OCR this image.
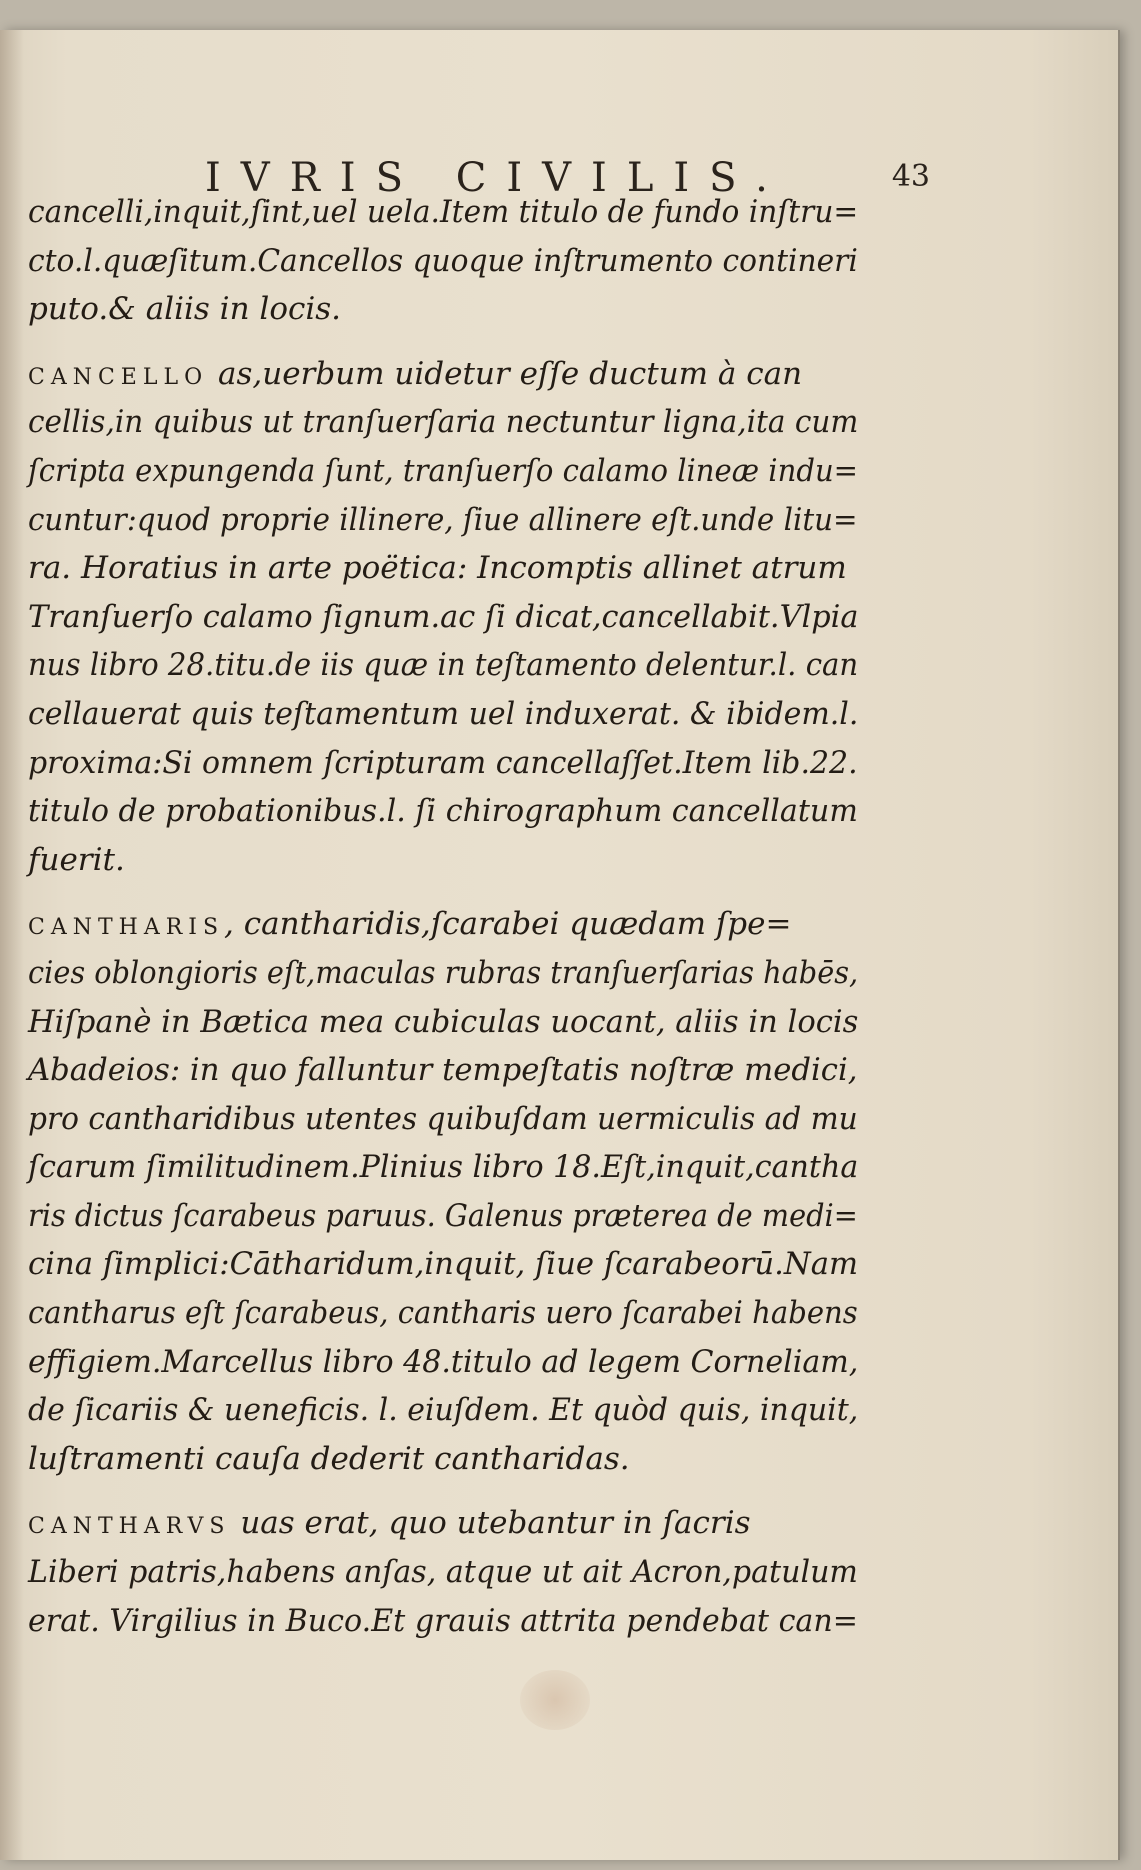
IVRIS CIVILIS.	43
cancelli,inquit,ſint,uel uela.Item titulo de fundo inſtru=
cto.l.quæſitum.Cancellos quoque inſtrumento contineri
puto.& aliis in locis.
CANCELLO as,uerbum uidetur eſſe ductum à can
cellis,in quibus ut tranſuerſaria nectuntur ligna,ita cum
ſcripta expungenda ſunt, tranſuerſo calamo lineæ indu=
cuntur:quod proprie illinere, ſiue allinere eſt.unde litu=
ra. Horatius in arte poëtica: Incomptis allinet atrum
Tranſuerſo calamo ſignum.ac ſi dicat,cancellabit.Vlpia
nus libro 28.titu.de iis quæ in teſtamento delentur.l. can
cellauerat quis teſtamentum uel induxerat. & ibidem.l.
proxima:Si omnem ſcripturam cancellaſſet.Item lib.22.
titulo de probationibus.l. ſi chirographum cancellatum
fuerit.
CANTHARIS, cantharidis,ſcarabei quædam ſpe=
cies oblongioris eſt,maculas rubras tranſuerſarias habēs,
Hiſpanè in Bætica mea cubiculas uocant, aliis in locis
Abadeios: in quo falluntur tempeſtatis noſtræ medici,
pro cantharidibus utentes quibuſdam uermiculis ad mu
ſcarum ſimilitudinem.Plinius libro 18.Eſt,inquit,cantha
ris dictus ſcarabeus paruus. Galenus præterea de medi=
cina ſimplici:Cātharidum,inquit, ſiue ſcarabeorū.Nam
cantharus eſt ſcarabeus, cantharis uero ſcarabei habens
effigiem.Marcellus libro 48.titulo ad legem Corneliam,
de ſicariis & ueneficis. l. eiuſdem. Et quòd quis, inquit,
luſtramenti cauſa dederit cantharidas.
CANTHARVS uas erat, quo utebantur in ſacris
Liberi patris,habens anſas, atque ut ait Acron,patulum
erat. Virgilius in Buco.Et grauis attrita pendebat can=
